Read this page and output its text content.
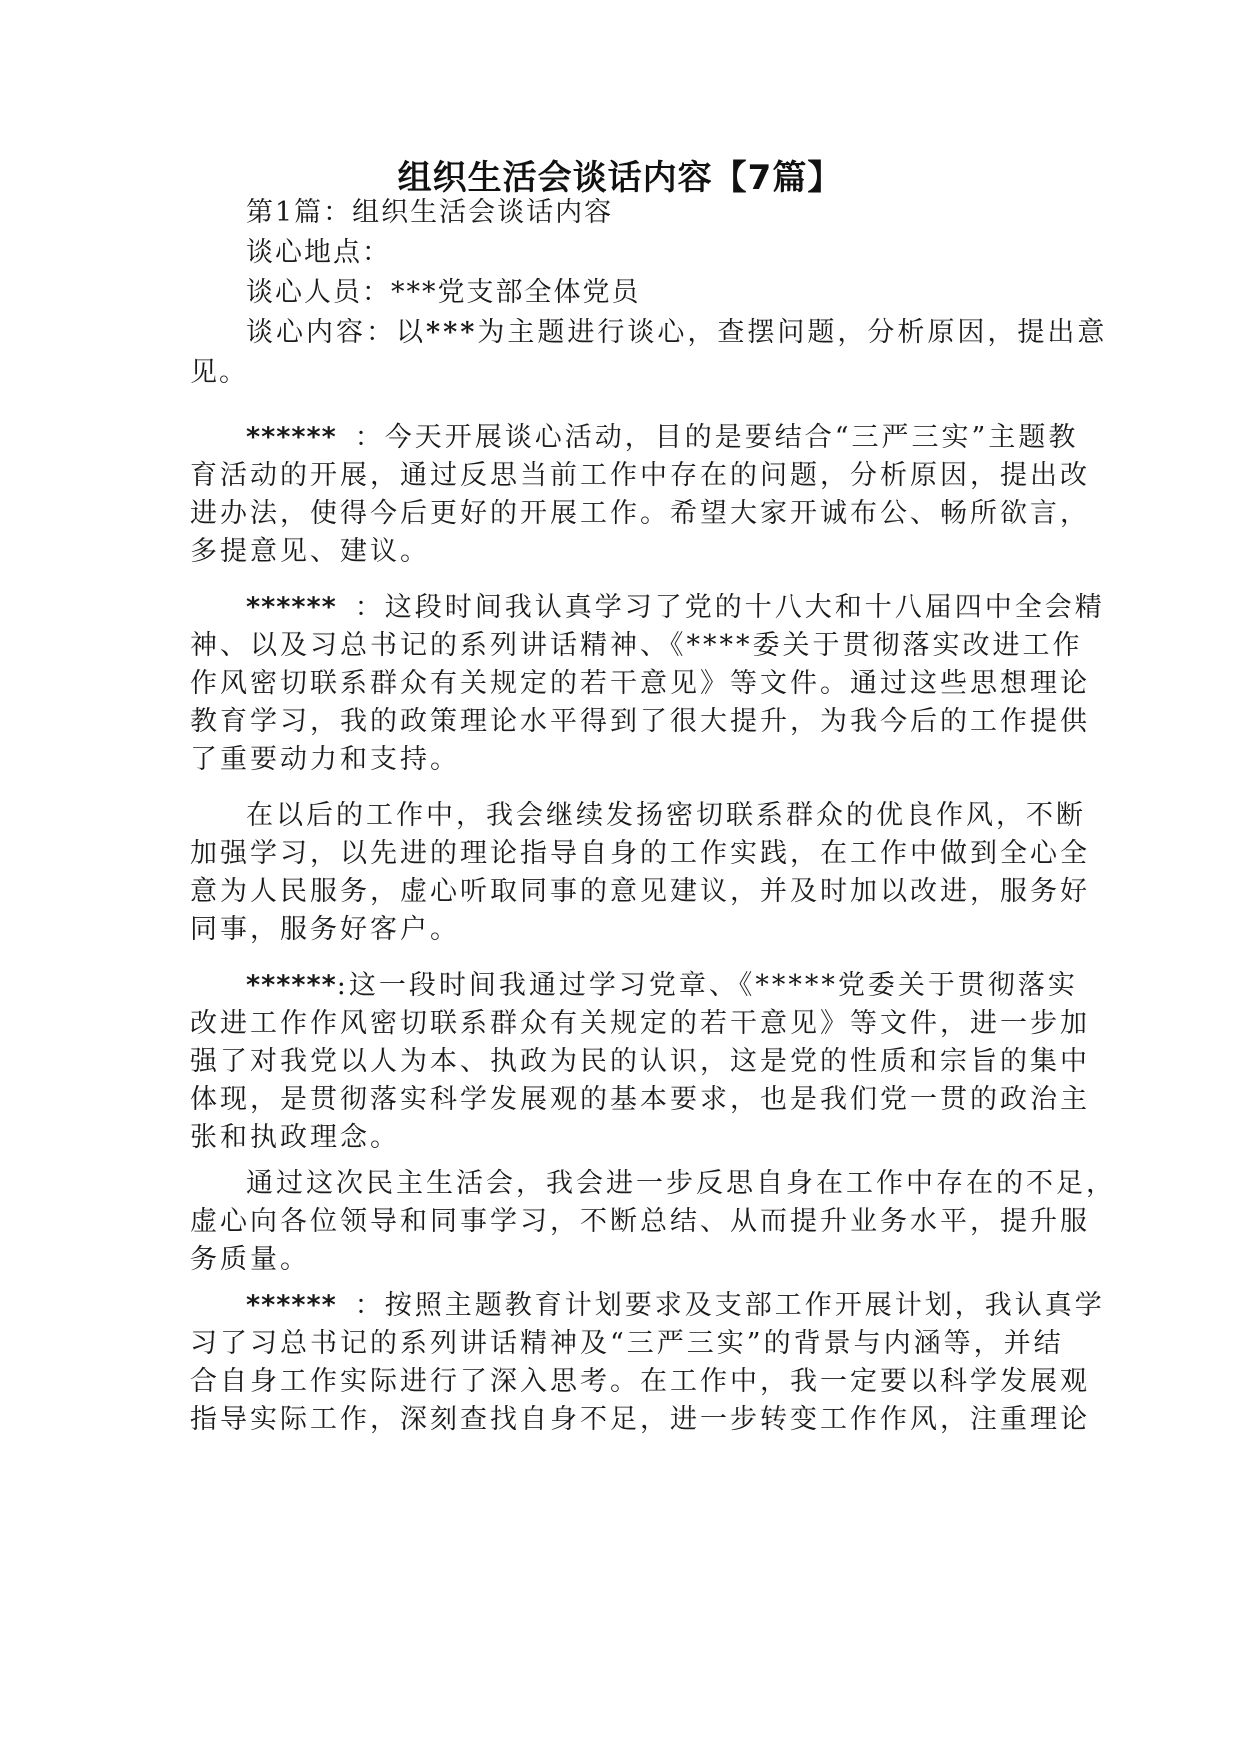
组织生活会谈话内容【7篇】
第1篇：组织生活会谈话内容
谈心地点：
谈心人员：***党支部全体党员
谈心内容：以***为主题进行谈心，查摆问题，分析原因，提出意
见。
****** ：今天开展谈心活动，目的是要结合“三严三实”主题教
育活动的开展，通过反思当前工作中存在的问题，分析原因，提出改
进办法，使得今后更好的开展工作。希望大家开诚布公、畅所欲言，
多提意见、建议。
****** ：这段时间我认真学习了党的十八大和十八届四中全会精
神、以及习总书记的系列讲话精神、《****委关于贯彻落实改进工作
作风密切联系群众有关规定的若干意见》等文件。通过这些思想理论
教育学习，我的政策理论水平得到了很大提升，为我今后的工作提供
了重要动力和支持。
在以后的工作中，我会继续发扬密切联系群众的优良作风，不断
加强学习，以先进的理论指导自身的工作实践，在工作中做到全心全
意为人民服务，虚心听取同事的意见建议，并及时加以改进，服务好
同事，服务好客户。
******:这一段时间我通过学习党章、《*****党委关于贯彻落实
改进工作作风密切联系群众有关规定的若干意见》等文件，进一步加
强了对我党以人为本、执政为民的认识，这是党的性质和宗旨的集中
体现，是贯彻落实科学发展观的基本要求，也是我们党一贯的政治主
张和执政理念。
通过这次民主生活会，我会进一步反思自身在工作中存在的不足，
虚心向各位领导和同事学习，不断总结、从而提升业务水平，提升服
务质量。
****** ：按照主题教育计划要求及支部工作开展计划，我认真学
习了习总书记的系列讲话精神及“三严三实”的背景与内涵等，并结
合自身工作实际进行了深入思考。在工作中，我一定要以科学发展观
指导实际工作，深刻查找自身不足，进一步转变工作作风，注重理论
